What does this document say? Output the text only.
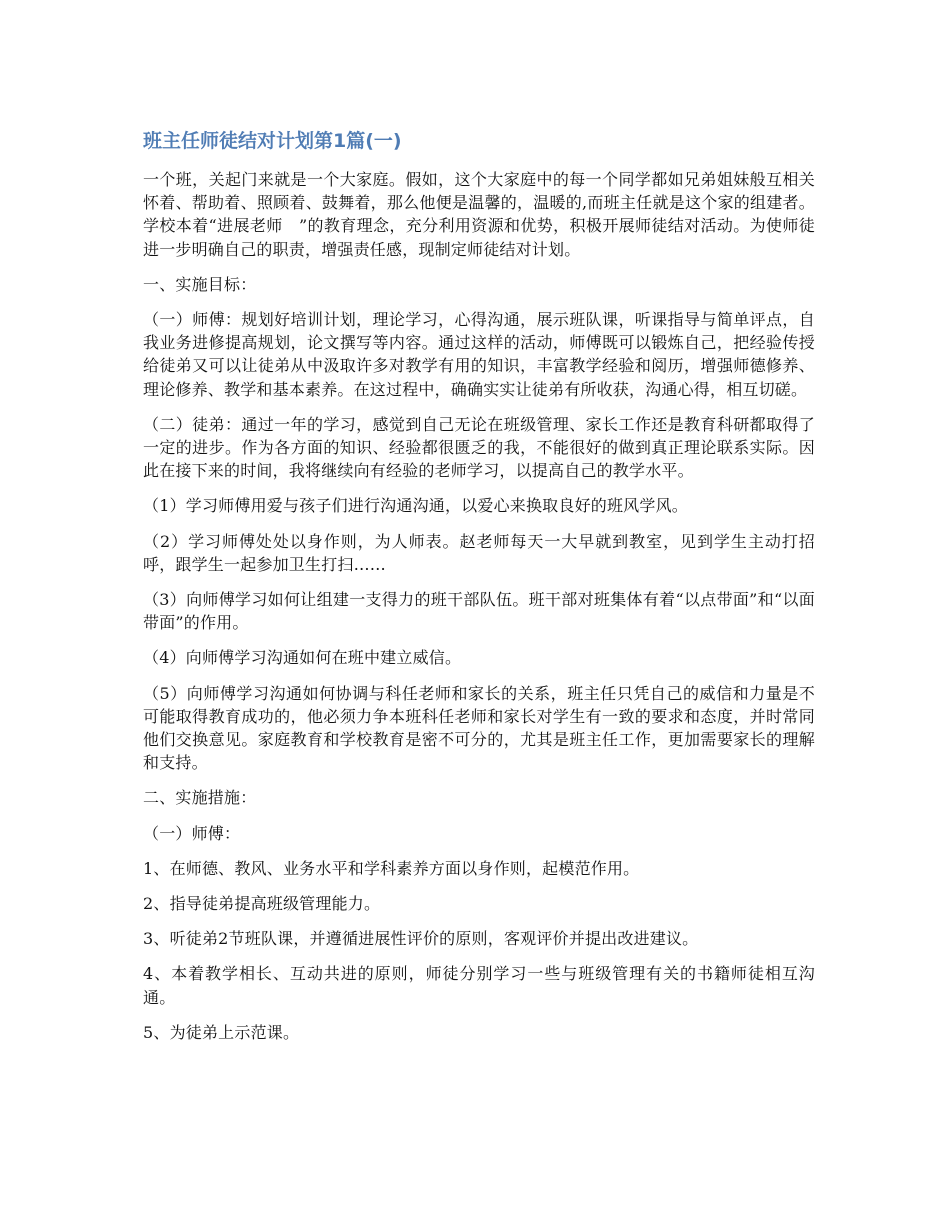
班主任师徒结对计划第1篇(一)

一个班，关起门来就是一个大家庭。假如，这个大家庭中的每一个同学都如兄弟姐妹般互相关怀着、帮助着、照顾着、鼓舞着，那么他便是温馨的，温暖的,而班主任就是这个家的组建者。学校本着“进展老师　”的教育理念，充分利用资源和优势，积极开展师徒结对活动。为使师徒进一步明确自己的职责，增强责任感，现制定师徒结对计划。

一、实施目标：

（一）师傅：规划好培训计划，理论学习，心得沟通，展示班队课，听课指导与简单评点，自我业务进修提高规划，论文撰写等内容。通过这样的活动，师傅既可以锻炼自己，把经验传授给徒弟又可以让徒弟从中汲取许多对教学有用的知识，丰富教学经验和阅历，增强师德修养、理论修养、教学和基本素养。在这过程中，确确实实让徒弟有所收获，沟通心得，相互切磋。

（二）徒弟：通过一年的学习，感觉到自己无论在班级管理、家长工作还是教育科研都取得了一定的进步。作为各方面的知识、经验都很匮乏的我，不能很好的做到真正理论联系实际。因此在接下来的时间，我将继续向有经验的老师学习，以提高自己的教学水平。

（1）学习师傅用爱与孩子们进行沟通沟通，以爱心来换取良好的班风学风。

（2）学习师傅处处以身作则，为人师表。赵老师每天一大早就到教室，见到学生主动打招呼，跟学生一起参加卫生打扫……

（3）向师傅学习如何让组建一支得力的班干部队伍。班干部对班集体有着“以点带面”和“以面带面”的作用。

（4）向师傅学习沟通如何在班中建立威信。

（5）向师傅学习沟通如何协调与科任老师和家长的关系，班主任只凭自己的威信和力量是不可能取得教育成功的，他必须力争本班科任老师和家长对学生有一致的要求和态度，并时常同他们交换意见。家庭教育和学校教育是密不可分的，尤其是班主任工作，更加需要家长的理解和支持。

二、实施措施：

（一）师傅：

1、在师德、教风、业务水平和学科素养方面以身作则，起模范作用。

2、指导徒弟提高班级管理能力。

3、听徒弟2节班队课，并遵循进展性评价的原则，客观评价并提出改进建议。

4、本着教学相长、互动共进的原则，师徒分别学习一些与班级管理有关的书籍师徒相互沟通。

5、为徒弟上示范课。
